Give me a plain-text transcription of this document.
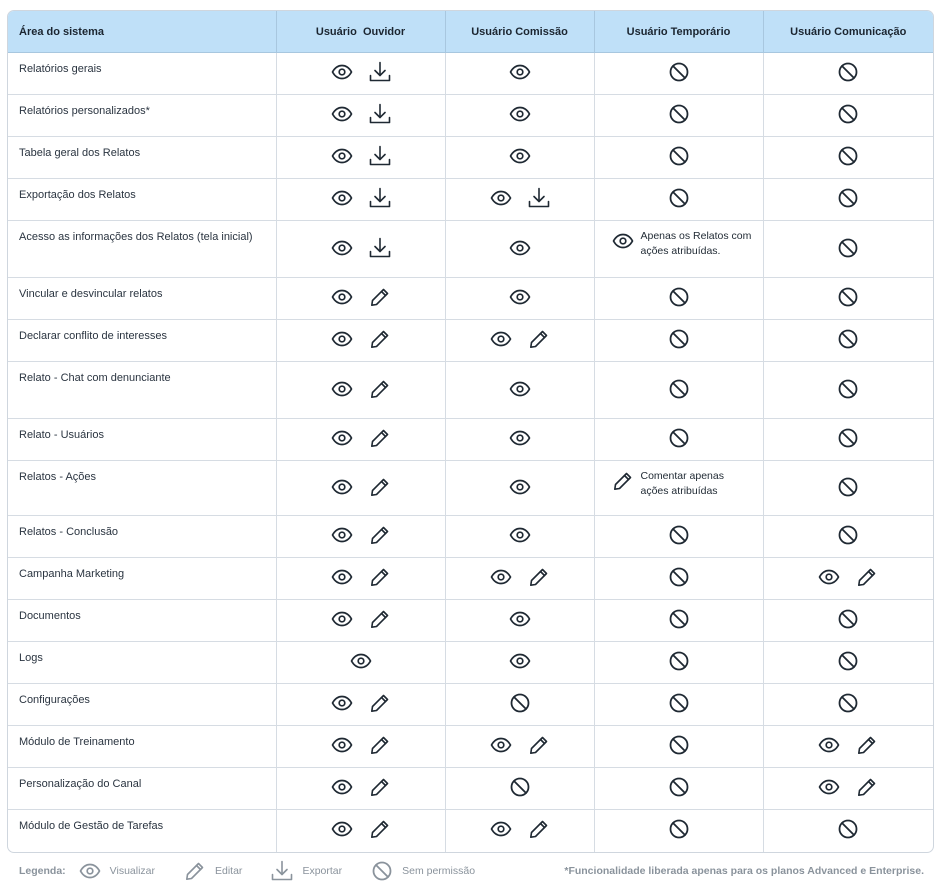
Área do sistema	Usuário  Ouvidor	Usuário Comissão	Usuário Temporário	Usuário Comunicação
Relatórios gerais	

Relatórios personalizados*	

Tabela geral dos Relatos	

Exportação dos Relatos	

Acesso as informações dos Relatos (tela inicial)			Apenas os Relatos com ações atribuídas.

Vincular e desvincular relatos	

Declarar conflito de interesses	

Relato - Chat com denunciante	

Relato - Usuários	

Relatos - Ações			Comentar apenas ações atribuídas

Relatos - Conclusão	

Campanha Marketing	

Documentos	

Logs	

Configurações	

Módulo de Treinamento	

Personalização do Canal	

Módulo de Gestão de Tarefas	

Legenda:	Visualizar	Editar	Exportar	Sem permissão	*Funcionalidade liberada apenas para os planos Advanced e Enterprise.
